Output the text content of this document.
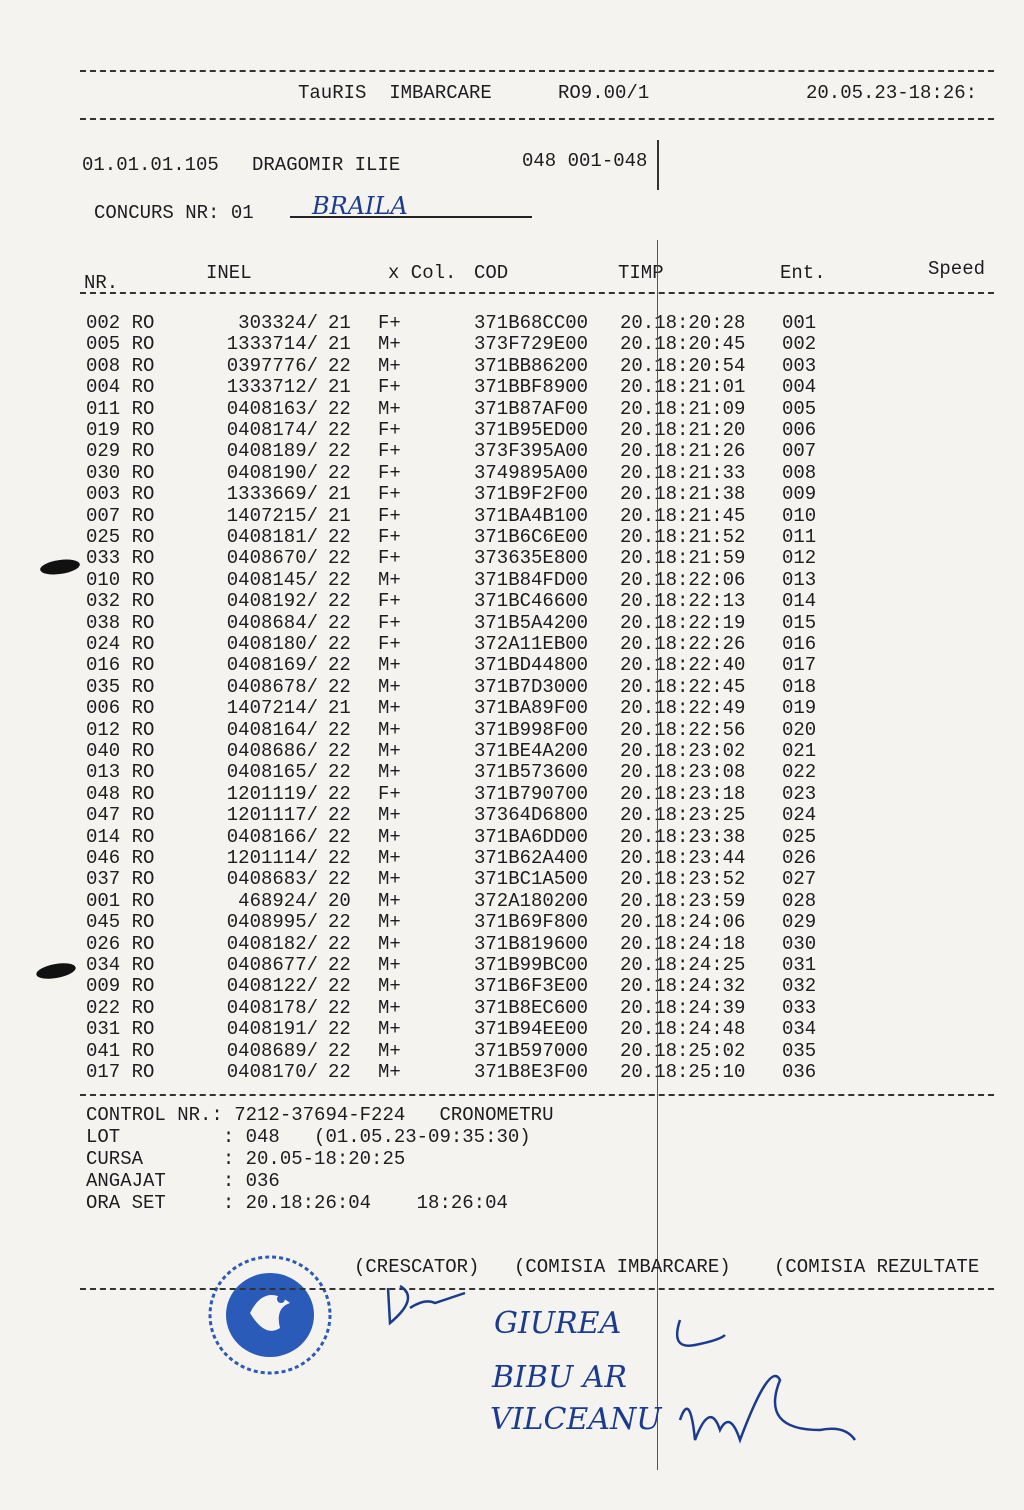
TauRIS  IMBARCARE	RO9.00/1	20.05.23-18:26:
01.01.01.105 DRAGOMIR ILIE	048 001-048
CONCURS NR: 01 BRAILA
NR.	INEL	x Col. COD	TIMP	Ent.	Speed
002 RO	303324/ 21 F+	371B68CC00 20.18:20:28 001
005 RO	1333714/ 21 M+	373F729E00 20.18:20:45 002
008 RO	0397776/ 22 M+	371BB86200 20.18:20:54 003
004 RO	1333712/ 21 F+	371BBF8900 20.18:21:01 004
011 RO	0408163/ 22 M+	371B87AF00 20.18:21:09 005
019 RO	0408174/ 22 F+	371B95ED00 20.18:21:20 006
029 RO	0408189/ 22 F+	373F395A00 20.18:21:26 007
030 RO	0408190/ 22 F+	3749895A00 20.18:21:33 008
003 RO	1333669/ 21 F+	371B9F2F00 20.18:21:38 009
007 RO	1407215/ 21 F+	371BA4B100 20.18:21:45 010
025 RO	0408181/ 22 F+	371B6C6E00 20.18:21:52 011
033 RO	0408670/ 22 F+	373635E800 20.18:21:59 012
010 RO	0408145/ 22 M+	371B84FD00 20.18:22:06 013
032 RO	0408192/ 22 F+	371BC46600 20.18:22:13 014
038 RO	0408684/ 22 F+	371B5A4200 20.18:22:19 015
024 RO	0408180/ 22 F+	372A11EB00 20.18:22:26 016
016 RO	0408169/ 22 M+	371BD44800 20.18:22:40 017
035 RO	0408678/ 22 M+	371B7D3000 20.18:22:45 018
006 RO	1407214/ 21 M+	371BA89F00 20.18:22:49 019
012 RO	0408164/ 22 M+	371B998F00 20.18:22:56 020
040 RO	0408686/ 22 M+	371BE4A200 20.18:23:02 021
013 RO	0408165/ 22 M+	371B573600 20.18:23:08 022
048 RO	1201119/ 22 F+	371B790700 20.18:23:18 023
047 RO	1201117/ 22 M+	37364D6800 20.18:23:25 024
014 RO	0408166/ 22 M+	371BA6DD00 20.18:23:38 025
046 RO	1201114/ 22 M+	371B62A400 20.18:23:44 026
037 RO	0408683/ 22 M+	371BC1A500 20.18:23:52 027
001 RO	468924/ 20 M+	372A180200 20.18:23:59 028
045 RO	0408995/ 22 M+	371B69F800 20.18:24:06 029
026 RO	0408182/ 22 M+	371B819600 20.18:24:18 030
034 RO	0408677/ 22 M+	371B99BC00 20.18:24:25 031
009 RO	0408122/ 22 M+	371B6F3E00 20.18:24:32 032
022 RO	0408178/ 22 M+	371B8EC600 20.18:24:39 033
031 RO	0408191/ 22 M+	371B94EE00 20.18:24:48 034
041 RO	0408689/ 22 M+	371B597000 20.18:25:02 035
017 RO	0408170/ 22 M+	371B8E3F00 20.18:25:10 036
CONTROL NR.: 7212-37694-F224   CRONOMETRU
LOT         : 048   (01.05.23-09:35:30)
CURSA       : 20.05-18:20:25
ANGAJAT     : 036
ORA SET     : 20.18:26:04    18:26:04
(CRESCATOR) (COMISIA IMBARCARE) (COMISIA REZULTATE
GIUREA
BIBU AR
VILCEANU
